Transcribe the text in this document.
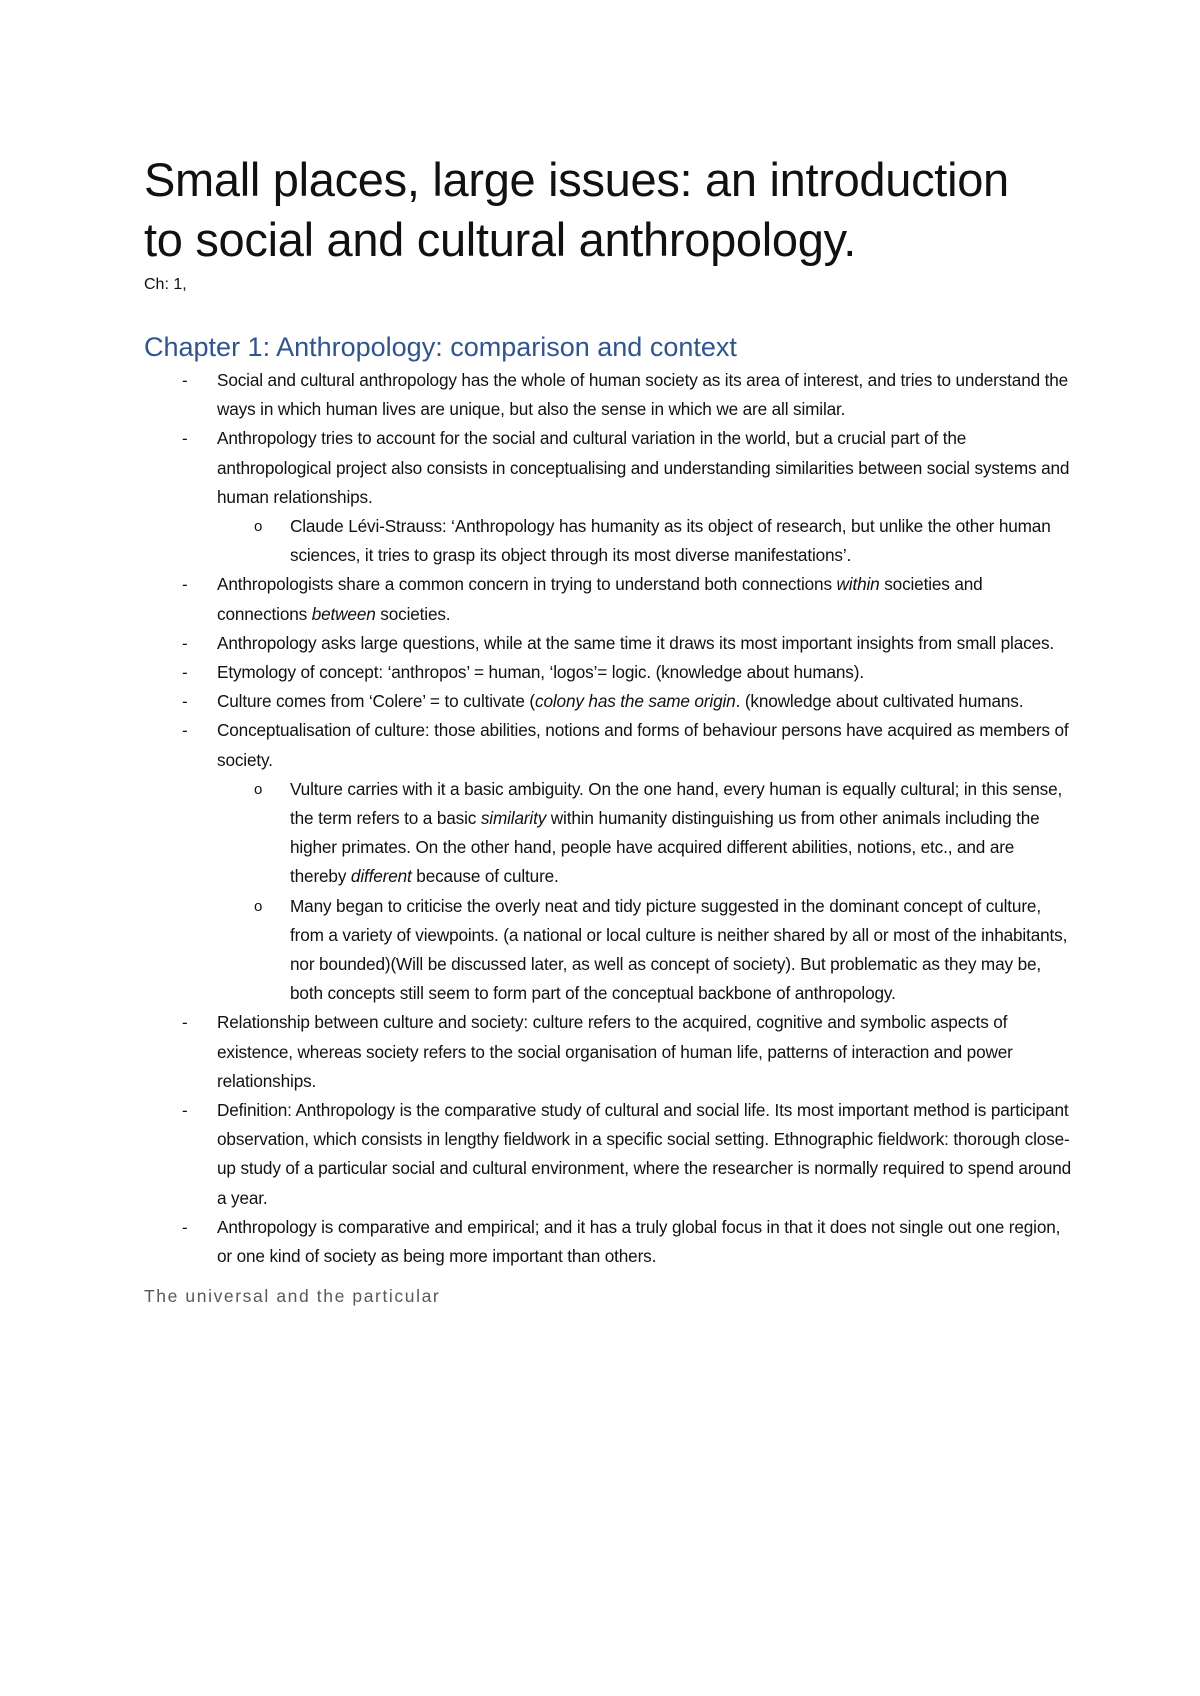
Small places, large issues: an introduction
to social and cultural anthropology.
Ch: 1,
Chapter 1: Anthropology: comparison and context
- Social and cultural anthropology has the whole of human society as its area of interest, and tries to understand the ways in which human lives are unique, but also the sense in which we are all similar.
- Anthropology tries to account for the social and cultural variation in the world, but a crucial part of the anthropological project also consists in conceptualising and understanding similarities between social systems and human relationships.
o Claude Lévi-Strauss: ‘Anthropology has humanity as its object of research, but unlike the other human sciences, it tries to grasp its object through its most diverse manifestations’.
- Anthropologists share a common concern in trying to understand both connections within societies and connections between societies.
- Anthropology asks large questions, while at the same time it draws its most important insights from small places.
- Etymology of concept: ‘anthropos’ = human, ‘logos’= logic. (knowledge about humans).
- Culture comes from ‘Colere’ = to cultivate (colony has the same origin. (knowledge about cultivated humans.
- Conceptualisation of culture: those abilities, notions and forms of behaviour persons have acquired as members of society.
o Vulture carries with it a basic ambiguity. On the one hand, every human is equally cultural; in this sense, the term refers to a basic similarity within humanity distinguishing us from other animals including the higher primates. On the other hand, people have acquired different abilities, notions, etc., and are thereby different because of culture.
o Many began to criticise the overly neat and tidy picture suggested in the dominant concept of culture, from a variety of viewpoints. (a national or local culture is neither shared by all or most of the inhabitants, nor bounded)(Will be discussed later, as well as concept of society). But problematic as they may be, both concepts still seem to form part of the conceptual backbone of anthropology.
- Relationship between culture and society: culture refers to the acquired, cognitive and symbolic aspects of existence, whereas society refers to the social organisation of human life, patterns of interaction and power relationships.
- Definition: Anthropology is the comparative study of cultural and social life. Its most important method is participant observation, which consists in lengthy fieldwork in a specific social setting. Ethnographic fieldwork: thorough close-up study of a particular social and cultural environment, where the researcher is normally required to spend around a year.
- Anthropology is comparative and empirical; and it has a truly global focus in that it does not single out one region, or one kind of society as being more important than others.
The universal and the particular
